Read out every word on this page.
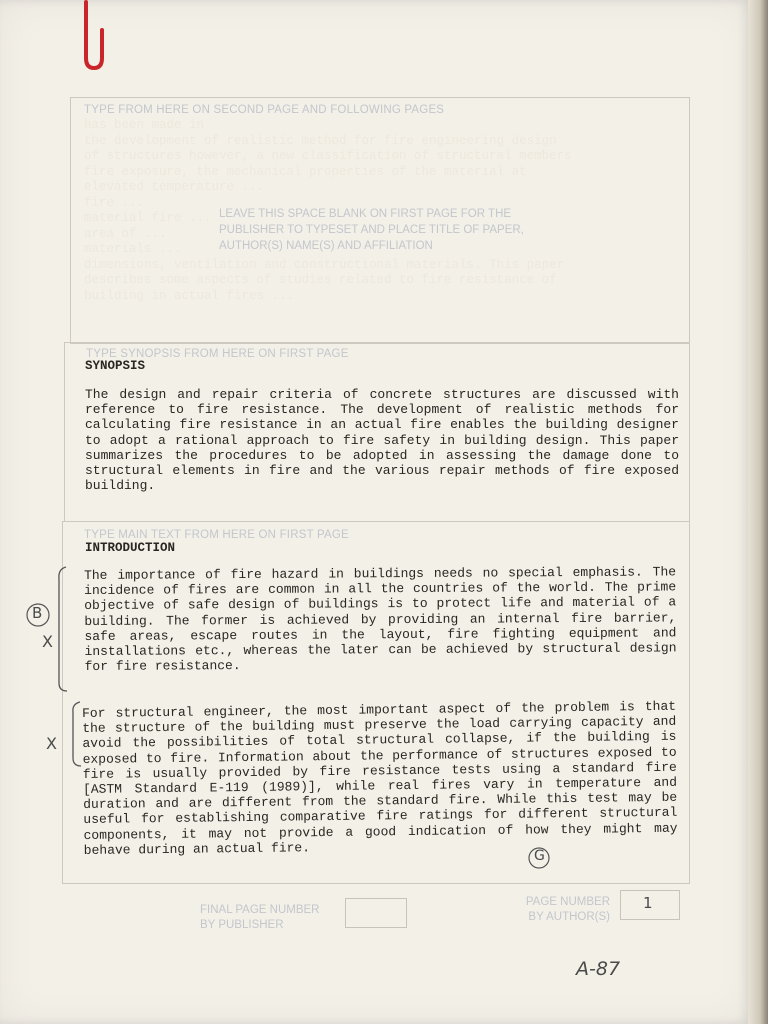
has been made in
the development of realistic method for fire engineering design
of structures however, a new classification of structural members
fire exposure, the mechanical properties of the material at
elevated temperature ...
fire ...
material fire ...
area of ...
materials ...
dimensions, ventilation and constructional materials. This paper
describes some aspects of studies related to fire resistance of
building in actual fires ...
TYPE FROM HERE ON SECOND PAGE AND FOLLOWING PAGES
LEAVE THIS SPACE BLANK ON FIRST PAGE FOR THE
PUBLISHER TO TYPESET AND PLACE TITLE OF PAPER,
AUTHOR(S) NAME(S) AND AFFILIATION
TYPE SYNOPSIS FROM HERE ON FIRST PAGE
SYNOPSIS
The design and repair criteria of concrete structures are discussed with reference to fire resistance. The development of realistic methods for calculating fire resistance in an actual fire enables the building designer to adopt a rational approach to fire safety in building design. This paper summarizes the procedures to be adopted in assessing the damage done to structural elements in fire and the various repair methods of fire exposed building.
TYPE MAIN TEXT FROM HERE ON FIRST PAGE
INTRODUCTION
The importance of fire hazard in buildings needs no special emphasis. The incidence of fires are common in all the countries of the world. The prime objective of safe design of buildings is to protect life and material of a building. The former is achieved by providing an internal fire barrier, safe areas, escape routes in the layout, fire fighting equipment and installations etc., whereas the later can be achieved by structural design for fire resistance.
For structural engineer, the most important aspect of the problem is that the structure of the building must preserve the load carrying capacity and avoid the possibilities of total structural collapse, if the building is exposed to fire. Information about the performance of structures exposed to fire is usually provided by fire resistance tests using a standard fire [ASTM Standard E-119 (1989)], while real fires vary in temperature and duration and are different from the standard fire. While this test may be useful for establishing comparative fire ratings for different structural components, it may not provide a good indication of how they might may behave during an actual fire.
B
X
X
G
FINAL PAGE NUMBER
BY PUBLISHER
PAGE NUMBER
BY AUTHOR(S)
1
A-87
